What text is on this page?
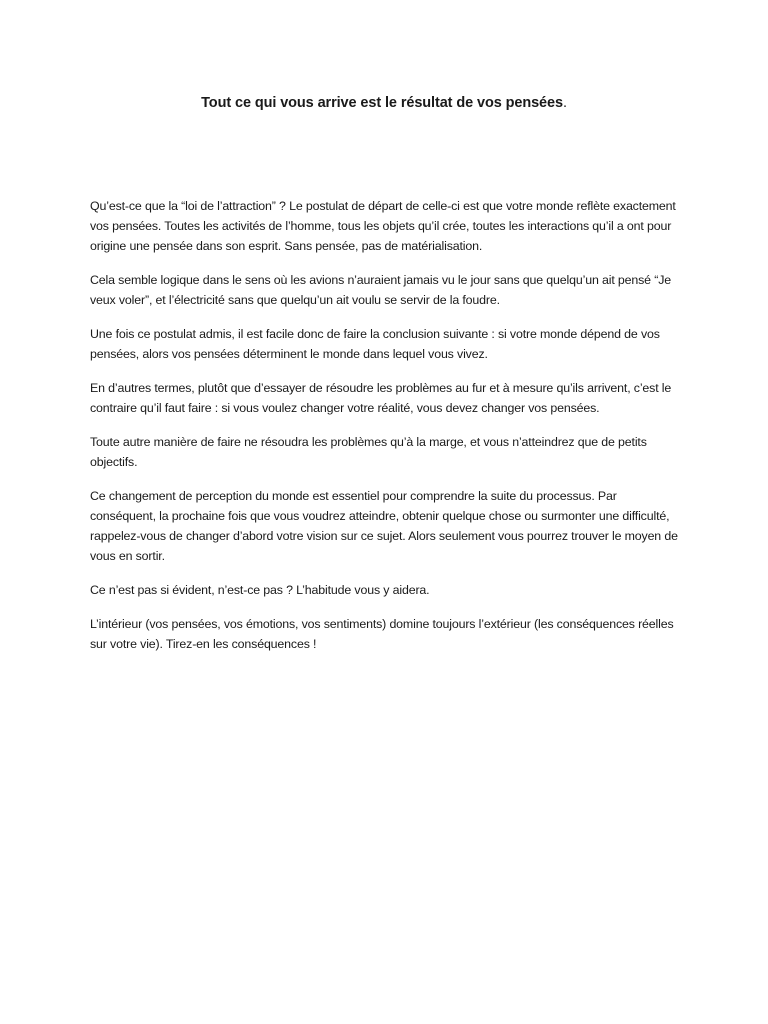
Tout ce qui vous arrive est le résultat de vos pensées.

Qu’est-ce que la “loi de l’attraction” ? Le postulat de départ de celle-ci est que votre monde reflète exactement vos pensées. Toutes les activités de l’homme, tous les objets qu’il crée, toutes les interactions qu’il a ont pour origine une pensée dans son esprit. Sans pensée, pas de matérialisation.

Cela semble logique dans le sens où les avions n’auraient jamais vu le jour sans que quelqu’un ait pensé “Je veux voler”, et l’électricité sans que quelqu’un ait voulu se servir de la foudre.

Une fois ce postulat admis, il est facile donc de faire la conclusion suivante : si votre monde dépend de vos pensées, alors vos pensées déterminent le monde dans lequel vous vivez.

En d’autres termes, plutôt que d’essayer de résoudre les problèmes au fur et à mesure qu’ils arrivent, c’est le contraire qu’il faut faire : si vous voulez changer votre réalité, vous devez changer vos pensées.

Toute autre manière de faire ne résoudra les problèmes qu’à la marge, et vous n’atteindrez que de petits objectifs.

Ce changement de perception du monde est essentiel pour comprendre la suite du processus. Par conséquent, la prochaine fois que vous voudrez atteindre, obtenir quelque chose ou surmonter une difficulté, rappelez-vous de changer d’abord votre vision sur ce sujet. Alors seulement vous pourrez trouver le moyen de vous en sortir.

Ce n’est pas si évident, n’est-ce pas ? L’habitude vous y aidera.

L’intérieur (vos pensées, vos émotions, vos sentiments) domine toujours l’extérieur (les conséquences réelles sur votre vie). Tirez-en les conséquences !
